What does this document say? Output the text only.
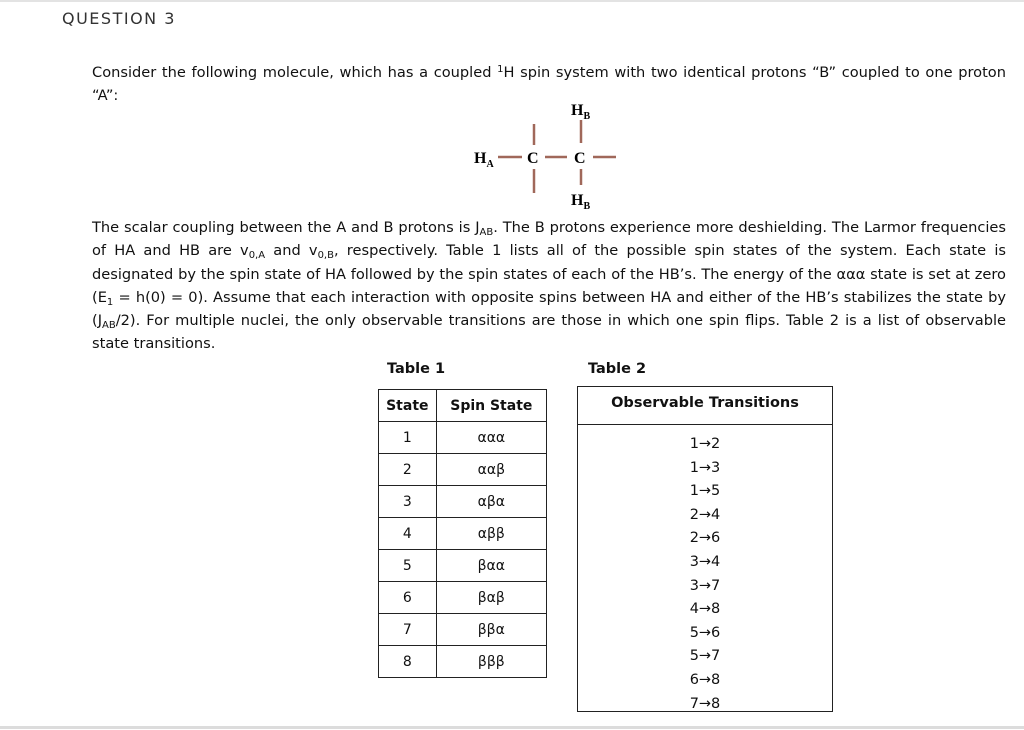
QUESTION 3
Consider the following molecule, which has a coupled $^1$H spin system with two identical protons “B” coupled to one proton “A”:
$H_A$ C C
$H_B$
$H_B$
The scalar coupling between the A and B protons is $J_{AB}$. The B protons experience more deshielding. The Larmor frequencies of HA and HB are $v_{0,A}$ and $v_{0,B}$, respectively. Table 1 lists all of the possible spin states of the system. Each state is designated by the spin state of HA followed by the spin states of each of the HB’s. The energy of the ααα state is set at zero $(E_1 = h(0) = 0)$. Assume that each interaction with opposite spins between HA and either of the HB’s stabilizes the state by $(J_{AB}/2)$. For multiple nuclei, the only observable transitions are those in which one spin flips. Table 2 is a list of observable state transitions.
Table 1	Table 2
State	Spin State
1	ααα
2	ααβ
3	αβα
4	αββ
5	βαα
6	βαβ
7	ββα
8	βββ
Observable Transitions
1→2
1→3
1→5
2→4
2→6
3→4
3→7
4→8
5→6
5→7
6→8
7→8
